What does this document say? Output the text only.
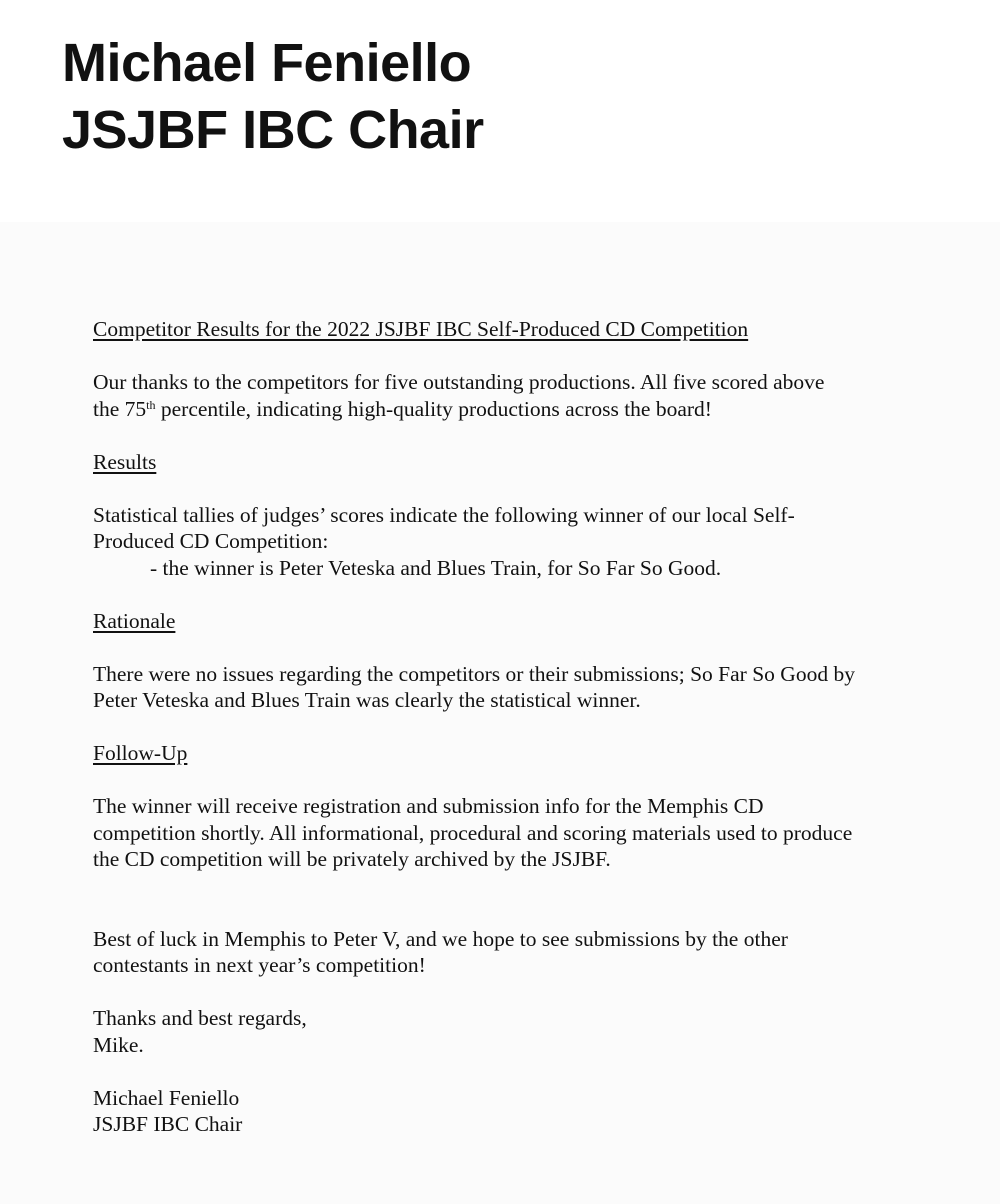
Michael Feniello
JSJBF IBC Chair

Competitor Results for the 2022 JSJBF IBC Self-Produced CD Competition

Our thanks to the competitors for five outstanding productions. All five scored above
the 75th percentile, indicating high-quality productions across the board!

Results

Statistical tallies of judges’ scores indicate the following winner of our local Self-
Produced CD Competition:

- the winner is Peter Veteska and Blues Train, for So Far So Good.

Rationale

There were no issues regarding the competitors or their submissions; So Far So Good by
Peter Veteska and Blues Train was clearly the statistical winner.

Follow-Up

The winner will receive registration and submission info for the Memphis CD
competition shortly. All informational, procedural and scoring materials used to produce
the CD competition will be privately archived by the JSJBF.

Best of luck in Memphis to Peter V, and we hope to see submissions by the other
contestants in next year’s competition!

Thanks and best regards,
Mike.

Michael Feniello
JSJBF IBC Chair
